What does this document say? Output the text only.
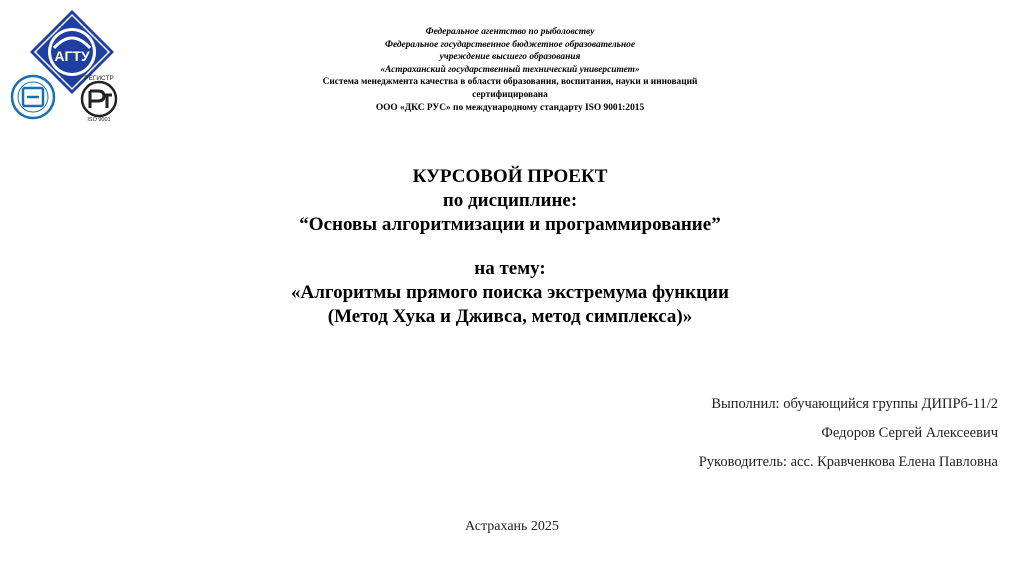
АГТУ
РЕГИСТР
ISO 9001
Федеральное агентство по рыболовству
Федеральное государственное бюджетное образовательное
учреждение высшего образования
«Астраханский государственный технический университет»
Система менеджмента качества в области образования, воспитания, науки и инноваций
сертифицирована
ООО «ДКС РУС» по международному стандарту ISO 9001:2015
КУРСОВОЙ ПРОЕКТ
по дисциплине:
“Основы алгоритмизации и программирование”
на тему:
«Алгоритмы прямого поиска экстремума функции
(Метод Хука и Дживса, метод симплекса)»
Выполнил: обучающийся группы ДИПРб-11/2
Федоров Сергей Алексеевич
Руководитель: асс. Кравченкова Елена Павловна
Астрахань 2025
